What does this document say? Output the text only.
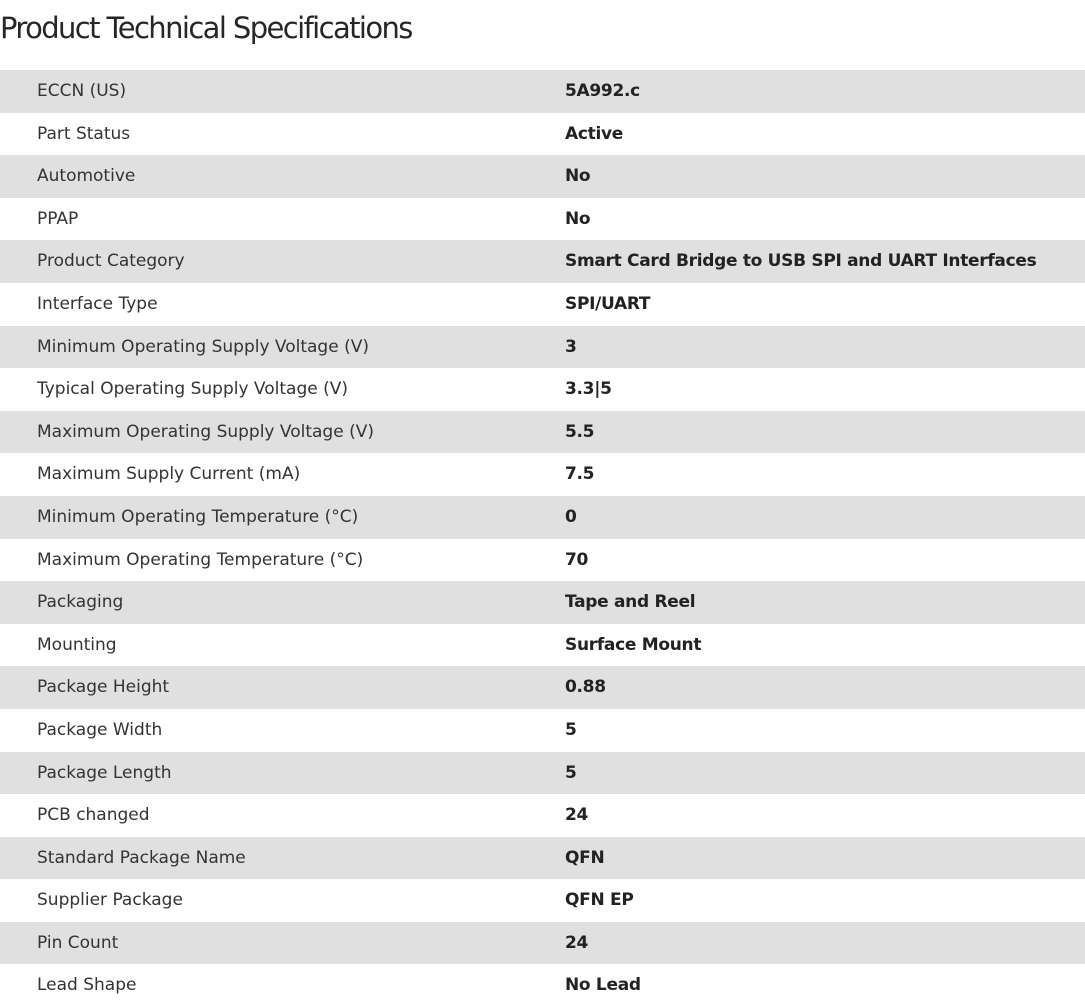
Product Technical Specifications
ECCN (US)	5A992.c
Part Status	Active
Automotive	No
PPAP	No
Product Category	Smart Card Bridge to USB SPI and UART Interfaces
Interface Type	SPI/UART
Minimum Operating Supply Voltage (V)	3
Typical Operating Supply Voltage (V)	3.3|5
Maximum Operating Supply Voltage (V)	5.5
Maximum Supply Current (mA)	7.5
Minimum Operating Temperature (°C)	0
Maximum Operating Temperature (°C)	70
Packaging	Tape and Reel
Mounting	Surface Mount
Package Height	0.88
Package Width	5
Package Length	5
PCB changed	24
Standard Package Name	QFN
Supplier Package	QFN EP
Pin Count	24
Lead Shape	No Lead
